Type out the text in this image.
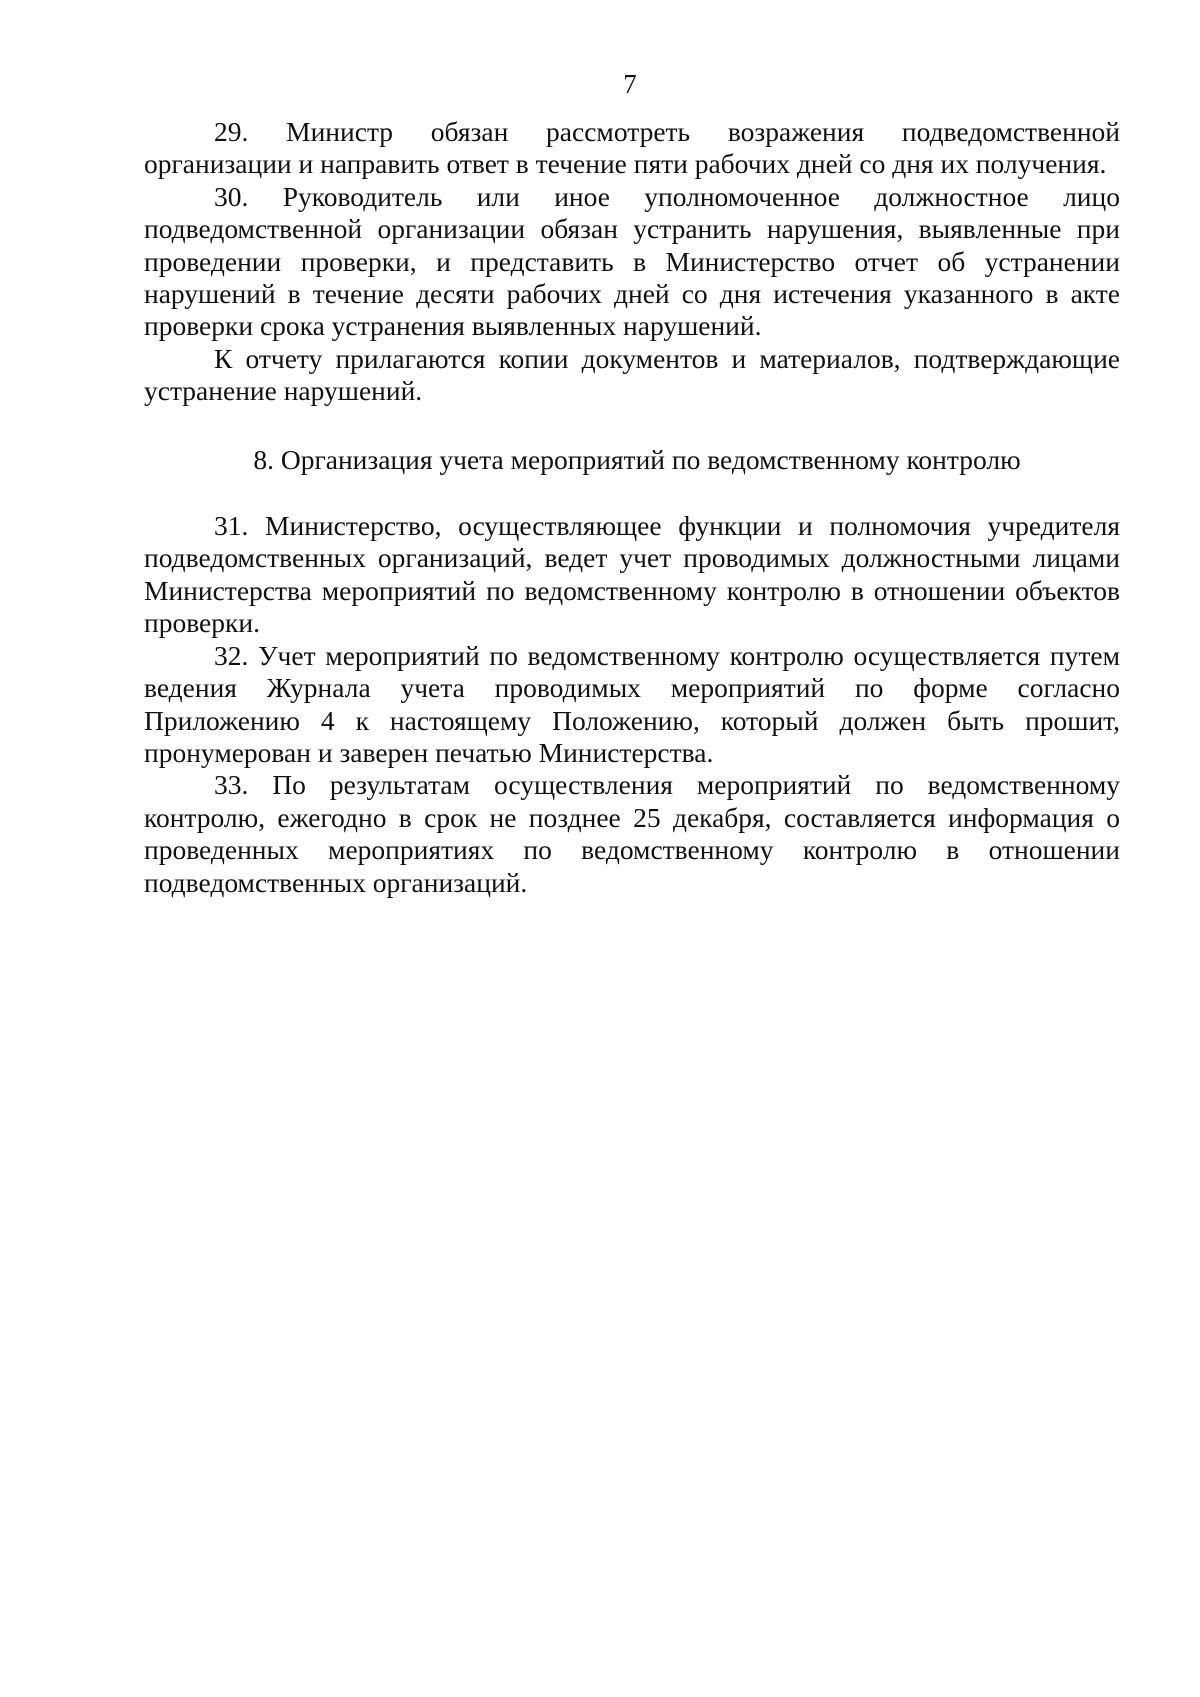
7

29. Министр обязан рассмотреть возражения подведомственной организации и направить ответ в течение пяти рабочих дней со дня их получения.

30. Руководитель или иное уполномоченное должностное лицо подведомственной организации обязан устранить нарушения, выявленные при проведении проверки, и представить в Министерство отчет об устранении нарушений в течение десяти рабочих дней со дня истечения указанного в акте проверки срока устранения выявленных нарушений.

К отчету прилагаются копии документов и материалов, подтверждающие устранение нарушений.

8. Организация учета мероприятий по ведомственному контролю

31. Министерство, осуществляющее функции и полномочия учредителя подведомственных организаций, ведет учет проводимых должностными лицами Министерства мероприятий по ведомственному контролю в отношении объектов проверки.

32. Учет мероприятий по ведомственному контролю осуществляется путем ведения Журнала учета проводимых мероприятий по форме согласно Приложению 4 к настоящему Положению, который должен быть прошит, пронумерован и заверен печатью Министерства.

33. По результатам осуществления мероприятий по ведомственному контролю, ежегодно в срок не позднее 25 декабря, составляется информация о проведенных мероприятиях по ведомственному контролю в отношении подведомственных организаций.
